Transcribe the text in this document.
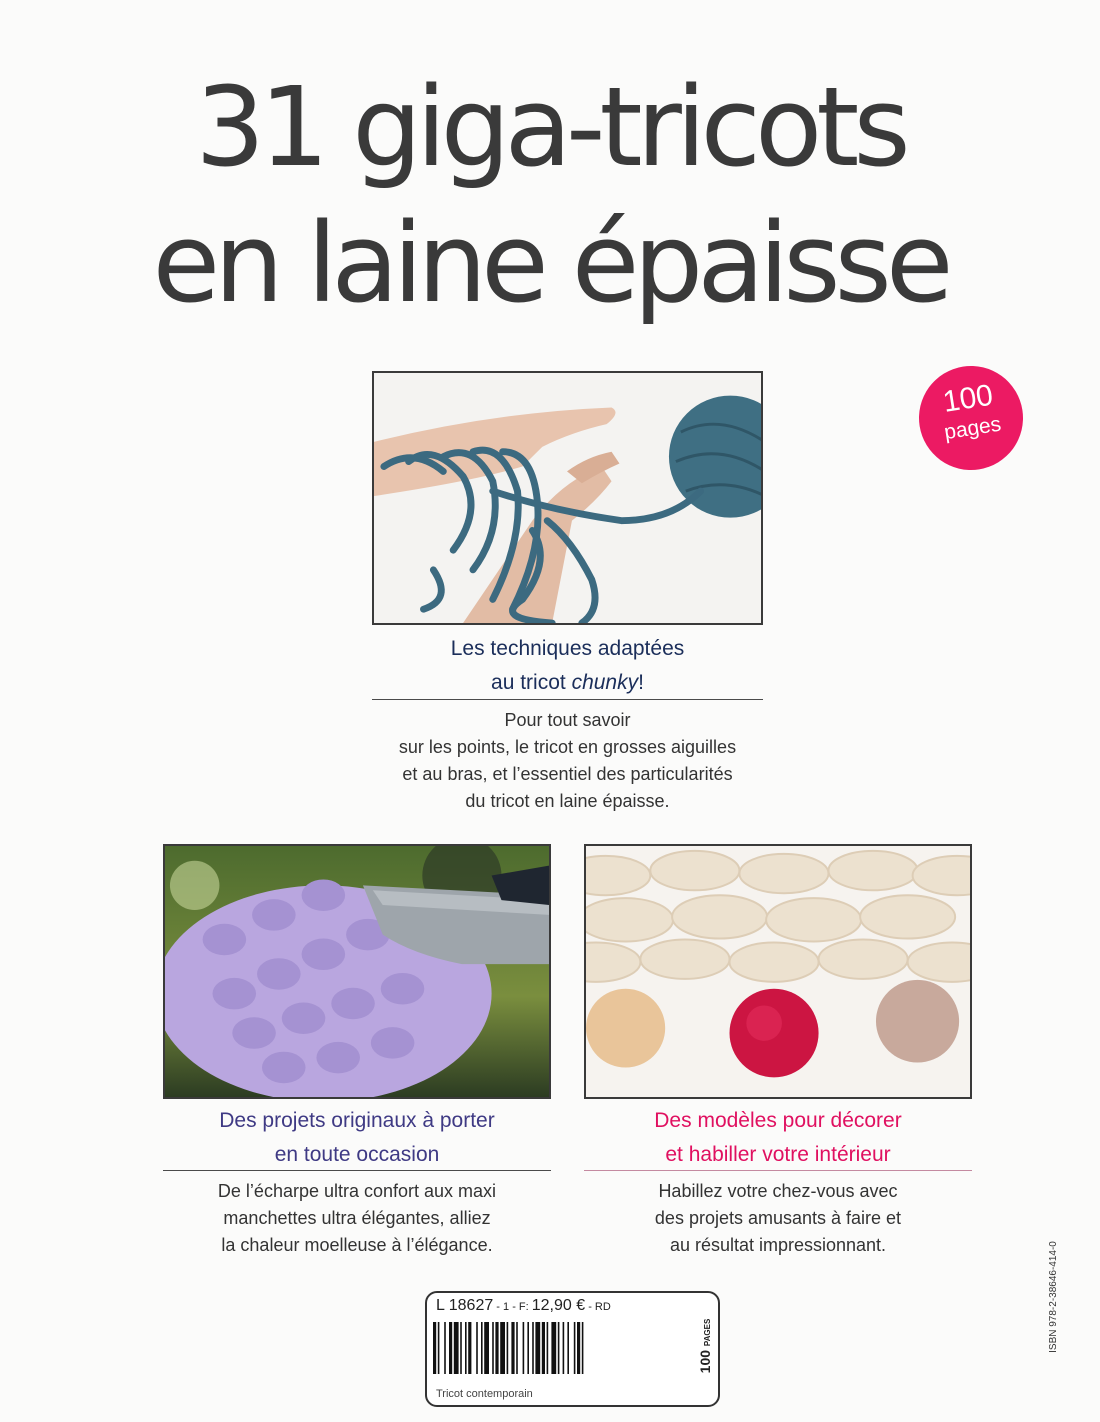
31 giga-tricots
en laine épaisse
100
pages
Les techniques adaptées
au tricot chunky!
Pour tout savoir
sur les points, le tricot en grosses aiguilles
et au bras, et l’essentiel des particularités
du tricot en laine épaisse.
Des projets originaux à porter
en toute occasion
De l’écharpe ultra confort aux maxi
manchettes ultra élégantes, alliez
la chaleur moelleuse à l’élégance.
Des modèles pour décorer
et habiller votre intérieur
Habillez votre chez-vous avec
des projets amusants à faire et
au résultat impressionnant.
L 18627 - 1 - F: 12,90 € - RD
Tricot contemporain
100 PAGES	ISBN 978-2-38646-414-0
